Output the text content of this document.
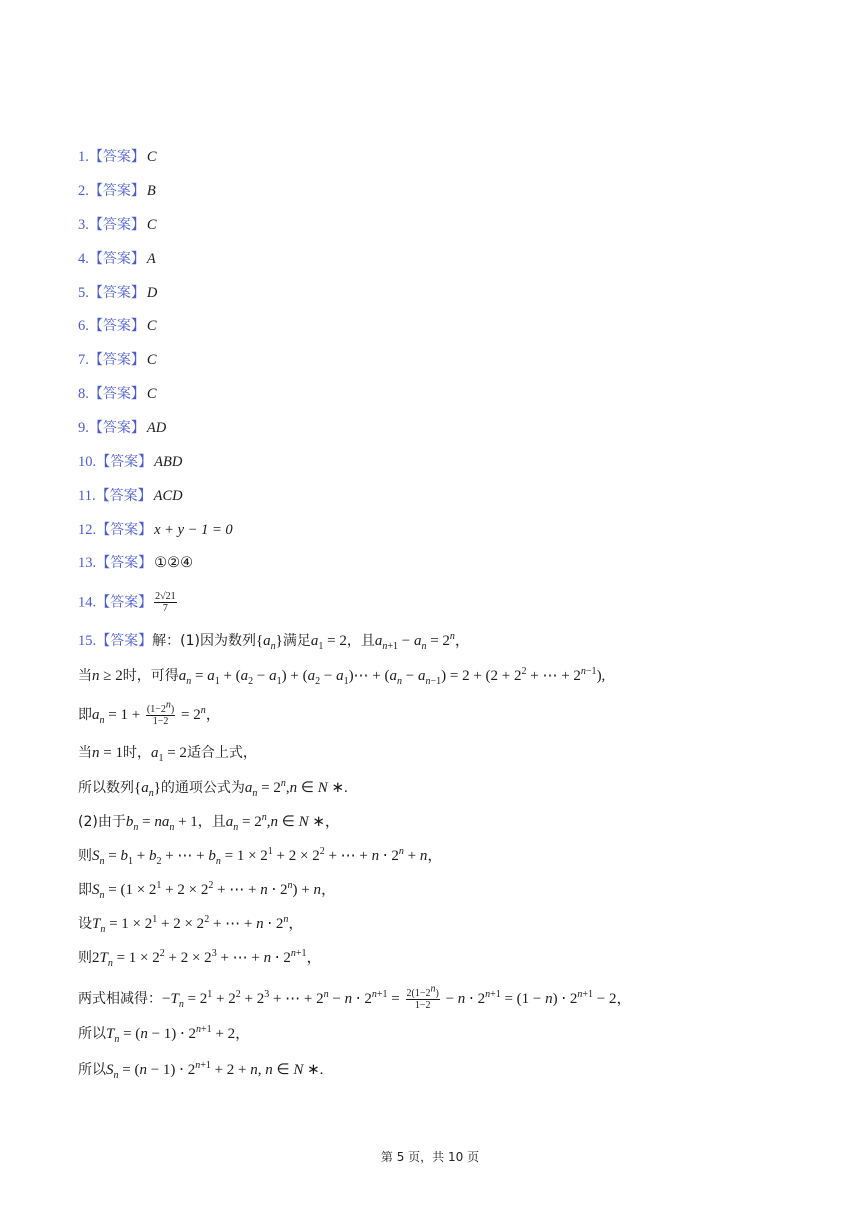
1.【答案】 C
2.【答案】 B
3.【答案】 C
4.【答案】 A
5.【答案】 D
6.【答案】 C
7.【答案】 C
8.【答案】 C
9.【答案】 AD
10.【答案】 ABD
11.【答案】 ACD
12.【答案】 x + y − 1 = 0
13.【答案】 ①②④
14.【答案】 $\frac{2√21}{7}$
15.【答案】解：(1)因为数列$\{a_n\}$满足$a_1 = 2$，且$a_{n+1} - a_n = 2^n$，
当n ≥ 2时，可得$a_n = a_1 + (a_2 - a_1) + (a_2$ − $a_1)\cdots + (a_n - a_{n-1}) = 2 + (2 + 2^2$ + ⋯ + $2^{n-1}$),
即$a_n = 1 + \frac{(1-2^n)}{1-2} = 2^n$，
当n = 1时，$a_1 = 2$适合上式，
所以数列$\{a_n\}$的通项公式为$a_n = 2^n,n$ ∈ N ∗.
(2)由于$b_n = na_n + 1$，且$a_n = 2^n,n$ ∈ N ∗，
则$S_n = b_1 + b_2$ + ⋯ + $b_n = 1 \times 2^1 + 2 \times 2^2$ + ⋯ + $n \cdot 2^n + n$，
即$S_n = (1 \times 2^1 + 2 \times 2^2$ + ⋯ + $n \cdot 2^n) + n$，
设$T_n = 1 \times 2^1 + 2 \times 2^2$ + ⋯ + $n \cdot 2^n$，
则$2T_n = 1 \times 2^2 + 2 \times 2^3$ + ⋯ + $n \cdot 2^{n+1}$，
两式相减得：$-T_n = 2^1 + 2^2 + 2^3$ + ⋯ + $2^n - n \cdot 2^{n+1} = \frac{2(1-2^n)}{1-2} - n \cdot 2^{n+1} = (1 - n) \cdot 2^{n+1} - 2$，
所以$T_n = (n - 1) \cdot 2^{n+1} + 2$，
所以$S_n = (n - 1) \cdot 2^{n+1} + 2 + n$, n ∈ N ∗.
第 5 页，共 10 页
